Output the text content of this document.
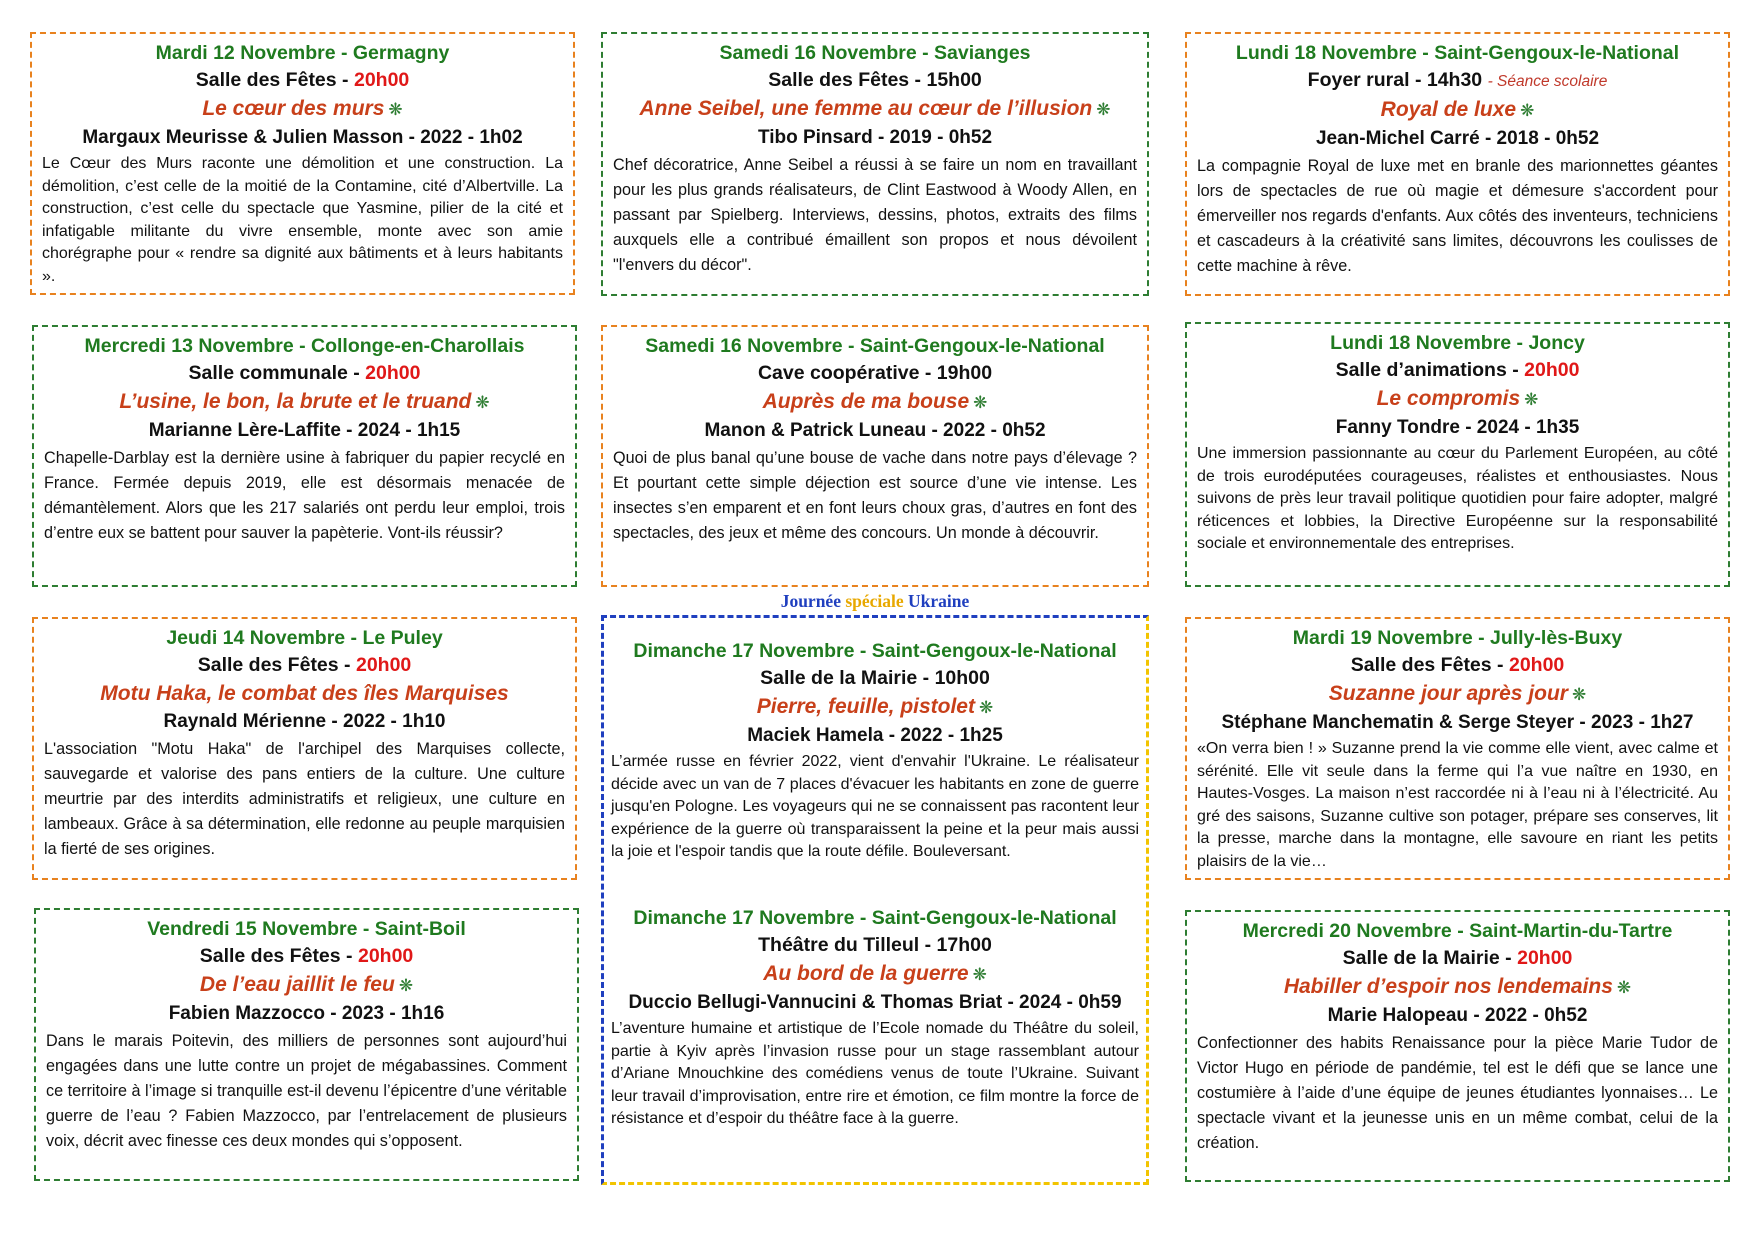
Mardi 12 Novembre - Germagny
Salle des Fêtes - 20h00
Le cœur des murs ❋
Margaux Meurisse & Julien Masson - 2022 - 1h02
Le Cœur des Murs raconte une démolition et une construction. La démolition, c’est celle de la moitié de la Contamine, cité d’Albertville. La construction, c’est celle du spectacle que Yasmine, pilier de la cité et infatigable militante du vivre ensemble, monte avec son amie chorégraphe pour « rendre sa dignité aux bâtiments et à leurs habitants ».
Mercredi 13 Novembre - Collonge-en-Charollais
Salle communale - 20h00
L’usine, le bon, la brute et le truand ❋
Marianne Lère-Laffite - 2024 - 1h15
Chapelle-Darblay est la dernière usine à fabriquer du papier recyclé en France. Fermée depuis 2019, elle est désormais menacée de démantèlement. Alors que les 217 salariés ont perdu leur emploi, trois d’entre eux se battent pour sauver la papèterie. Vont-ils réussir?
Jeudi 14 Novembre - Le Puley
Salle des Fêtes - 20h00
Motu Haka, le combat des îles Marquises
Raynald Mérienne - 2022 - 1h10
L'association "Motu Haka" de l'archipel des Marquises collecte, sauvegarde et valorise des pans entiers de la culture. Une culture meurtrie par des interdits administratifs et religieux, une culture en lambeaux. Grâce à sa détermination, elle redonne au peuple marquisien la fierté de ses origines.
Vendredi 15 Novembre - Saint-Boil
Salle des Fêtes - 20h00
De l’eau jaillit le feu ❋
Fabien Mazzocco - 2023 - 1h16
Dans le marais Poitevin, des milliers de personnes sont aujourd’hui engagées dans une lutte contre un projet de mégabassines. Comment ce territoire à l’image si tranquille est-il devenu l’épicentre d’une véritable guerre de l’eau ? Fabien Mazzocco, par l’entrelacement de plusieurs voix, décrit avec finesse ces deux mondes qui s’opposent.
Samedi 16 Novembre - Savianges
Salle des Fêtes - 15h00
Anne Seibel, une femme au cœur de l’illusion ❋
Tibo Pinsard - 2019 - 0h52
Chef décoratrice, Anne Seibel a réussi à se faire un nom en travaillant pour les plus grands réalisateurs, de Clint Eastwood à Woody Allen, en passant par Spielberg. Interviews, dessins, photos, extraits des films auxquels elle a contribué émaillent son propos et nous dévoilent "l'envers du décor".
Samedi 16 Novembre - Saint-Gengoux-le-National
Cave coopérative - 19h00
Auprès de ma bouse ❋
Manon & Patrick Luneau - 2022 - 0h52
Quoi de plus banal qu’une bouse de vache dans notre pays d’élevage ? Et pourtant cette simple déjection est source d’une vie intense. Les insectes s’en emparent et en font leurs choux gras, d’autres en font des spectacles, des jeux et même des concours. Un monde à découvrir.
Journée spéciale Ukraine
Dimanche 17 Novembre - Saint-Gengoux-le-National
Salle de la Mairie - 10h00
Pierre, feuille, pistolet ❋
Maciek Hamela - 2022 - 1h25
L’armée russe en février 2022, vient d'envahir l'Ukraine. Le réalisateur décide avec un van de 7 places d'évacuer les habitants en zone de guerre jusqu'en Pologne. Les voyageurs qui ne se connaissent pas racontent leur expérience de la guerre où transparaissent la peine et la peur mais aussi la joie et l'espoir tandis que la route défile. Bouleversant.
Dimanche 17 Novembre - Saint-Gengoux-le-National
Théâtre du Tilleul - 17h00
Au bord de la guerre ❋
Duccio Bellugi-Vannucini & Thomas Briat - 2024 - 0h59
L’aventure humaine et artistique de l’Ecole nomade du Théâtre du soleil, partie à Kyiv après l’invasion russe pour un stage rassemblant autour d’Ariane Mnouchkine des comédiens venus de toute l’Ukraine. Suivant leur travail d’improvisation, entre rire et émotion, ce film montre la force de résistance et d’espoir du théâtre face à la guerre.
Lundi 18 Novembre - Saint-Gengoux-le-National
Foyer rural - 14h30 - Séance scolaire
Royal de luxe ❋
Jean-Michel Carré - 2018 - 0h52
La compagnie Royal de luxe met en branle des marionnettes géantes lors de spectacles de rue où magie et démesure s'accordent pour émerveiller nos regards d'enfants. Aux côtés des inventeurs, techniciens et cascadeurs à la créativité sans limites, découvrons les coulisses de cette machine à rêve.
Lundi 18 Novembre - Joncy
Salle d’animations - 20h00
Le compromis ❋
Fanny Tondre - 2024 - 1h35
Une immersion passionnante au cœur du Parlement Européen, au côté de trois eurodéputées courageuses, réalistes et enthousiastes. Nous suivons de près leur travail politique quotidien pour faire adopter, malgré réticences et lobbies, la Directive Européenne sur la responsabilité sociale et environnementale des entreprises.
Mardi 19 Novembre - Jully-lès-Buxy
Salle des Fêtes - 20h00
Suzanne jour après jour ❋
Stéphane Manchematin & Serge Steyer - 2023 - 1h27
«On verra bien ! » Suzanne prend la vie comme elle vient, avec calme et sérénité. Elle vit seule dans la ferme qui l’a vue naître en 1930, en Hautes-Vosges. La maison n’est raccordée ni à l’eau ni à l’électricité. Au gré des saisons, Suzanne cultive son potager, prépare ses conserves, lit la presse, marche dans la montagne, elle savoure en riant les petits plaisirs de la vie…
Mercredi 20 Novembre - Saint-Martin-du-Tartre
Salle de la Mairie - 20h00
Habiller d’espoir nos lendemains ❋
Marie Halopeau - 2022 - 0h52
Confectionner des habits Renaissance pour la pièce Marie Tudor de Victor Hugo en période de pandémie, tel est le défi que se lance une costumière à l’aide d’une équipe de jeunes étudiantes lyonnaises… Le spectacle vivant et la jeunesse unis en un même combat, celui de la création.
